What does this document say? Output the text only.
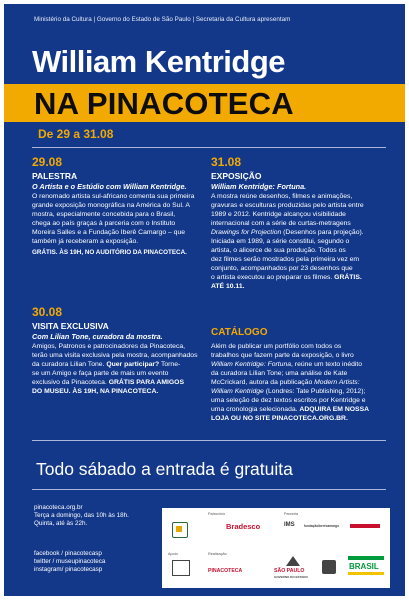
Ministério da Cultura | Governo do Estado de São Paulo | Secretaria da Cultura apresentam
William Kentridge
NA PINACOTECA
De 29 a 31.08
29.08
PALESTRA
O Artista e o Estúdio com William Kentridge.

O renomado artista sul-africano comenta sua primeira

grande exposição monográfica na América do Sul. A

mostra, especialmente concebida para o Brasil,

chega ao país graças à parceria com o Instituto

Moreira Salles e a Fundação Iberê Camargo – que

também já receberam a exposição.

GRÁTIS. ÀS 19H, NO AUDITÓRIO DA PINACOTECA.

30.08
VISITA EXCLUSIVA
Com Lilian Tone, curadora da mostra.

Amigos, Patronos e patrocinadores da Pinacoteca,

terão uma visita exclusiva pela mostra, acompanhados

da curadora Lilian Tone. Quer participar? Torne-

se um Amigo e faça parte de mais um evento

exclusivo da Pinacoteca. GRÁTIS PARA AMIGOS

DO MUSEU. ÀS 19H, NA PINACOTECA.

31.08
EXPOSIÇÃO
William Kentridge: Fortuna.

A mostra reúne desenhos, filmes e animações,

gravuras e esculturas produzidas pelo artista entre

1989 e 2012. Kentridge alcançou visibilidade

internacional com a série de curtas-metragens

Drawings for Projection (Desenhos para projeção).

Iniciada em 1989, a série constitui, segundo o

artista, o alicerce de sua produção. Todos os

dez filmes serão mostrados pela primeira vez em

conjunto, acompanhados por 23 desenhos que

o artista executou ao preparar os filmes. GRÁTIS.

ATÉ 10.11.

CATÁLOGO

Além de publicar um portfólio com todos os

trabalhos que fazem parte da exposição, o livro

William Kentridge: Fortuna, reúne um texto inédito

da curadora Lilian Tone; uma análise de Kate

McCrickard, autora da publicação Modern Artists:

William Kentridge (Londres: Tate Publishing, 2012);

uma seleção de dez textos escritos por Kentridge e

uma cronologia selecionada. ADQUIRA EM NOSSA

LOJA OU NO SITE PINACOTECA.ORG.BR.

Todo sábado a entrada é gratuita
pinacoteca.org.br
Terça a domingo, das 10h às 18h.
Quinta, até às 22h.
facebook / pinacotecasp
twitter / museupinacoteca
instagram/ pinacotecasp
Patrocínio	Parceria
Apoio	Realização
Bradesco	IMS	fundaçãoiberêcamargo
PINACOTECA	SÃO PAULO
GOVERNO DO ESTADO
BRASIL
